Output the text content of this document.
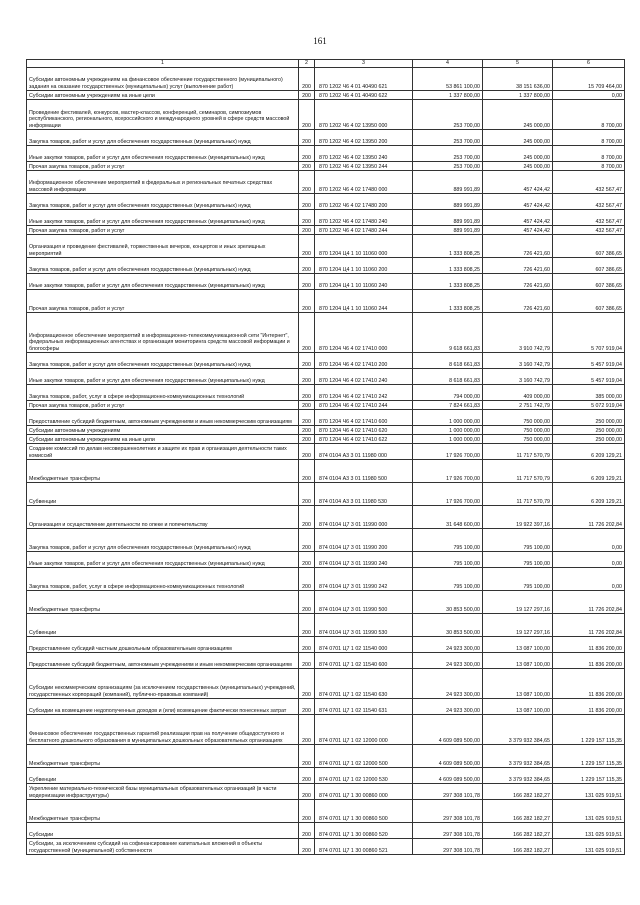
161
1	2	3	4	5	6
Субсидии автономным учреждениям на финансовое обеспечение государственного (муниципального) задания на оказание государственных (муниципальных) услуг (выполнение работ)	200	870 1202 Ч6 4 01 40490 621	53 861 100,00	38 151 636,00	15 709 464,00
Субсидии автономным учреждениям на иные цели	200	870 1202 Ч6 4 01 40490 622	1 337 800,00	1 337 800,00	0,00
Проведение фестивалей, конкурсов, мастер-классов, конференций, семинаров, симпозиумов республиканского, регионального, всероссийского и международного уровней в сфере средств массовой информации	200	870 1202 Ч6 4 02 13950 000	253 700,00	245 000,00	8 700,00
Закупка товаров, работ и услуг для обеспечения государственных (муниципальных) нужд	200	870 1202 Ч6 4 02 13950 200	253 700,00	245 000,00	8 700,00
Иные закупки товаров, работ и услуг для обеспечения государственных (муниципальных) нужд	200	870 1202 Ч6 4 02 13950 240	253 700,00	245 000,00	8 700,00
Прочая закупка товаров, работ и услуг	200	870 1202 Ч6 4 02 13950 244	253 700,00	245 000,00	8 700,00
Информационное обеспечение мероприятий в федеральных и региональных печатных средствах массовой информации	200	870 1202 Ч6 4 02 17480 000	889 991,89	457 424,42	432 567,47
Закупка товаров, работ и услуг для обеспечения государственных (муниципальных) нужд	200	870 1202 Ч6 4 02 17480 200	889 991,89	457 424,42	432 567,47
Иные закупки товаров, работ и услуг для обеспечения государственных (муниципальных) нужд	200	870 1202 Ч6 4 02 17480 240	889 991,89	457 424,42	432 567,47
Прочая закупка товаров, работ и услуг	200	870 1202 Ч6 4 02 17480 244	889 991,89	457 424,42	432 567,47
Организация и проведение фестивалей, торжественных вечеров, концертов и иных зрелищных мероприятий	200	870 1204 Ц4 1 10 11060 000	1 333 808,25	726 421,60	607 386,65
Закупка товаров, работ и услуг для обеспечения государственных (муниципальных) нужд	200	870 1204 Ц4 1 10 11060 200	1 333 808,25	726 421,60	607 386,65
Иные закупки товаров, работ и услуг для обеспечения государственных (муниципальных) нужд	200	870 1204 Ц4 1 10 11060 240	1 333 808,25	726 421,60	607 386,65
Прочая закупка товаров, работ и услуг	200	870 1204 Ц4 1 10 11060 244	1 333 808,25	726 421,60	607 386,65
Информационное обеспечение мероприятий в информационно-телекоммуникационной сети "Интернет", федеральных информационных агентствах и организация мониторинга средств массовой информации и блогосферы	200	870 1204 Ч6 4 02 17410 000	9 618 661,83	3 910 742,79	5 707 919,04
Закупка товаров, работ и услуг для обеспечения государственных (муниципальных) нужд	200	870 1204 Ч6 4 02 17410 200	8 618 661,83	3 160 742,79	5 457 919,04
Иные закупки товаров, работ и услуг для обеспечения государственных (муниципальных) нужд	200	870 1204 Ч6 4 02 17410 240	8 618 661,83	3 160 742,79	5 457 919,04
Закупка товаров, работ, услуг в сфере информационно-коммуникационных технологий	200	870 1204 Ч6 4 02 17410 242	794 000,00	409 000,00	385 000,00
Прочая закупка товаров, работ и услуг	200	870 1204 Ч6 4 02 17410 244	7 824 661,83	2 751 742,79	5 072 919,04
Предоставление субсидий бюджетным, автономным учреждениям и иным некоммерческим организациям	200	870 1204 Ч6 4 02 17410 600	1 000 000,00	750 000,00	250 000,00
Субсидии автономным учреждениям	200	870 1204 Ч6 4 02 17410 620	1 000 000,00	750 000,00	250 000,00
Субсидии автономным учреждениям на иные цели	200	870 1204 Ч6 4 02 17410 622	1 000 000,00	750 000,00	250 000,00
Создание комиссий по делам несовершеннолетних и защите их прав и организация деятельности таких комиссий	200	874 0104 А3 3 01 11980 000	17 926 700,00	11 717 570,79	6 209 129,21
Межбюджетные трансферты	200	874 0104 А3 3 01 11980 500	17 926 700,00	11 717 570,79	6 209 129,21
Субвенции	200	874 0104 А3 3 01 11980 530	17 926 700,00	11 717 570,79	6 209 129,21
Организация и осуществление деятельности по опеке и попечительству	200	874 0104 Ц7 3 01 11990 000	31 648 600,00	19 922 397,16	11 726 202,84
Закупка товаров, работ и услуг для обеспечения государственных (муниципальных) нужд	200	874 0104 Ц7 3 01 11990 200	795 100,00	795 100,00	0,00
Иные закупки товаров, работ и услуг для обеспечения государственных (муниципальных) нужд	200	874 0104 Ц7 3 01 11990 240	795 100,00	795 100,00	0,00
Закупка товаров, работ, услуг в сфере информационно-коммуникационных технологий	200	874 0104 Ц7 3 01 11990 242	795 100,00	795 100,00	0,00
Межбюджетные трансферты	200	874 0104 Ц7 3 01 11990 500	30 853 500,00	19 127 297,16	11 726 202,84
Субвенции	200	874 0104 Ц7 3 01 11990 530	30 853 500,00	19 127 297,16	11 726 202,84
Предоставление субсидий частным дошкольным образовательным организациям	200	874 0701 Ц7 1 02 11540 000	24 923 300,00	13 087 100,00	11 836 200,00
Предоставление субсидий бюджетным, автономным учреждениям и иным некоммерческим организациям	200	874 0701 Ц7 1 02 11540 600	24 923 300,00	13 087 100,00	11 836 200,00
Субсидии некоммерческим организациям (за исключением государственных (муниципальных) учреждений, государственных корпораций (компаний), публично-правовых компаний)	200	874 0701 Ц7 1 02 11540 630	24 923 300,00	13 087 100,00	11 836 200,00
Субсидии на возмещение недополученных доходов и (или) возмещение фактически понесенных затрат	200	874 0701 Ц7 1 02 11540 631	24 923 300,00	13 087 100,00	11 836 200,00
Финансовое обеспечение государственных гарантий реализации прав на получение общедоступного и бесплатного дошкольного образования в муниципальных дошкольных образовательных организациях	200	874 0701 Ц7 1 02 12000 000	4 609 089 500,00	3 379 932 384,65	1 229 157 115,35
Межбюджетные трансферты	200	874 0701 Ц7 1 02 12000 500	4 609 089 500,00	3 379 932 384,65	1 229 157 115,35
Субвенции	200	874 0701 Ц7 1 02 12000 530	4 609 089 500,00	3 379 932 384,65	1 229 157 115,35
Укрепление материально-технической базы муниципальных образовательных организаций (в части модернизации инфраструктуры)	200	874 0701 Ц7 1 30 00860 000	297 308 101,78	166 282 182,27	131 025 919,51
Межбюджетные трансферты	200	874 0701 Ц7 1 30 00860 500	297 308 101,78	166 282 182,27	131 025 919,51
Субсидии	200	874 0701 Ц7 1 30 00860 520	297 308 101,78	166 282 182,27	131 025 919,51
Субсидии, за исключением субсидий на софинансирование капитальных вложений в объекты государственной (муниципальной) собственности	200	874 0701 Ц7 1 30 00860 521	297 308 101,78	166 282 182,27	131 025 919,51
